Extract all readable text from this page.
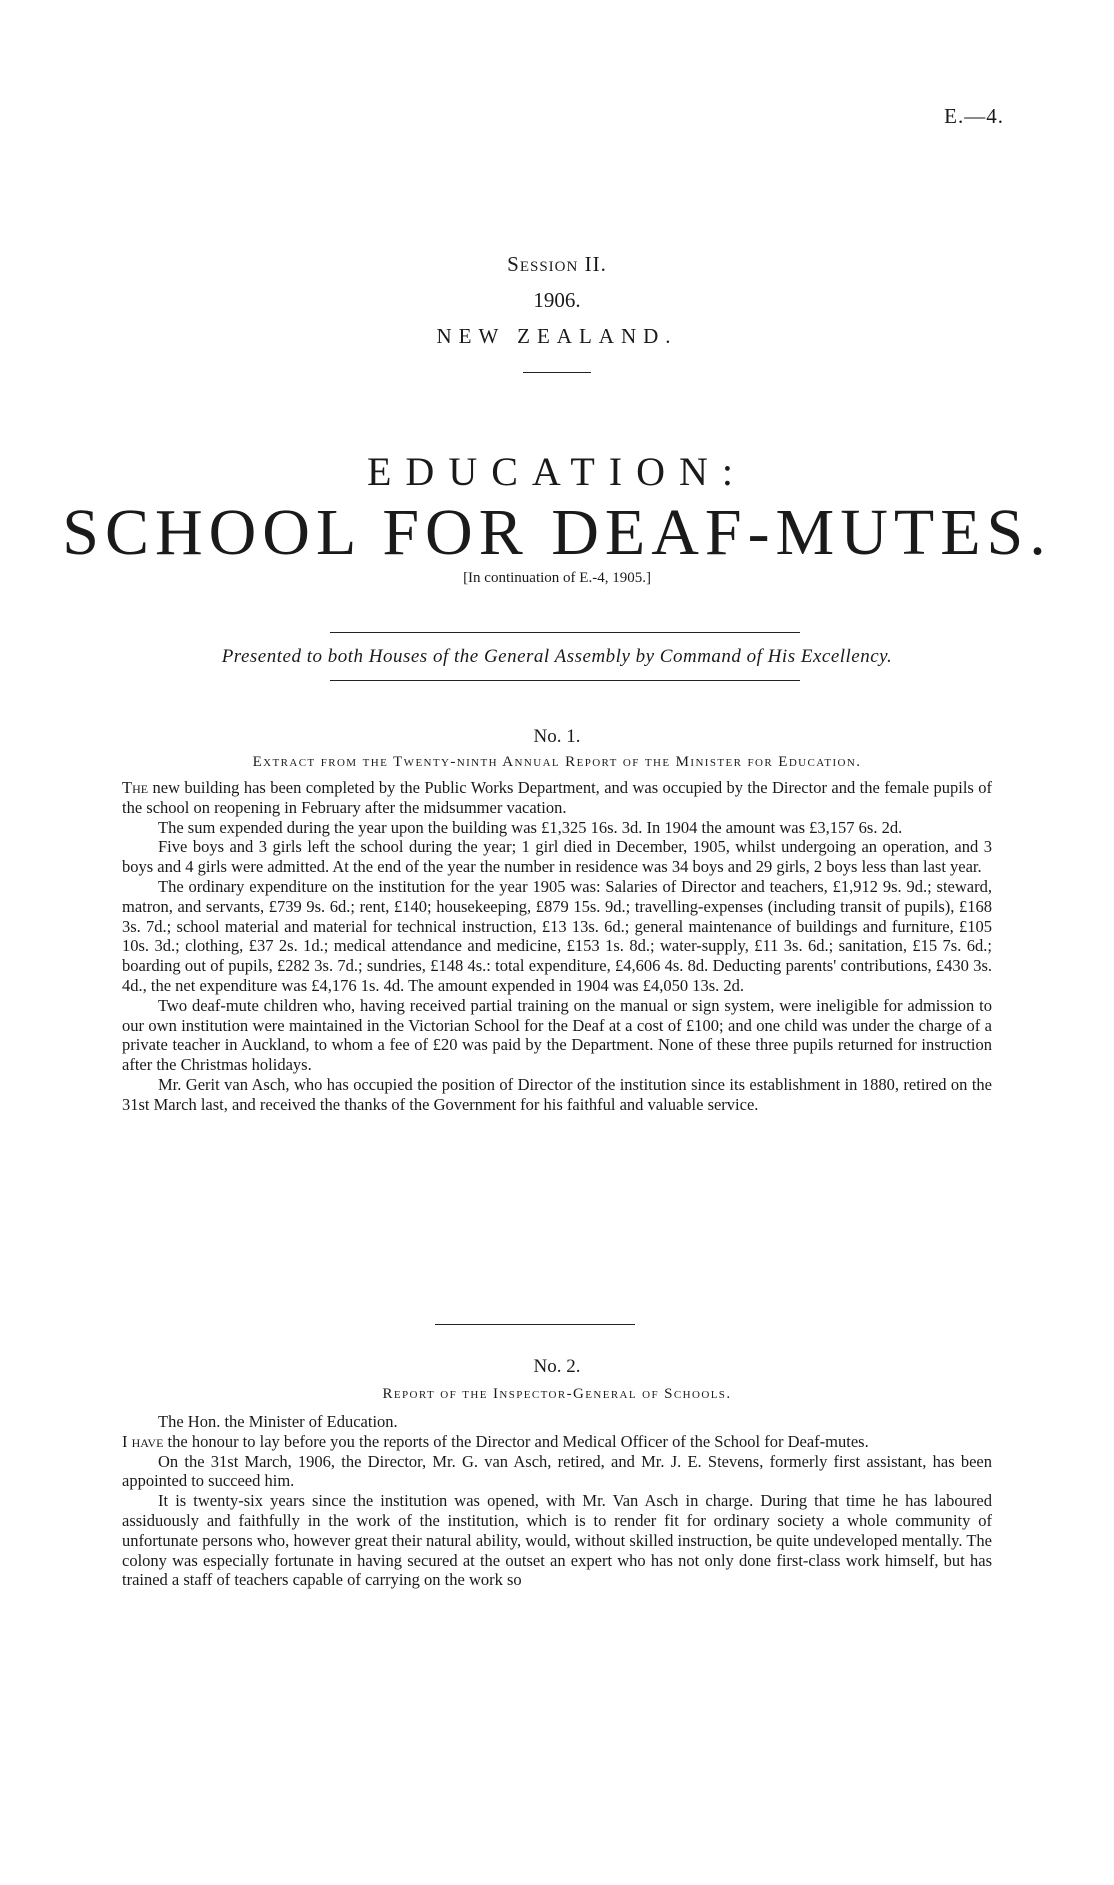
E.—4.
Session II.
1906.
NEW ZEALAND.
EDUCATION:
SCHOOL FOR DEAF-MUTES.
[In continuation of E.-4, 1905.]
Presented to both Houses of the General Assembly by Command of His Excellency.
No. 1.
Extract from the Twenty-ninth Annual Report of the Minister for Education.

The new building has been completed by the Public Works Department, and was occupied by the Director and the female pupils of the school on reopening in February after the midsummer vacation.

The sum expended during the year upon the building was £1,325 16s. 3d. In 1904 the amount was £3,157 6s. 2d.

Five boys and 3 girls left the school during the year; 1 girl died in December, 1905, whilst undergoing an operation, and 3 boys and 4 girls were admitted. At the end of the year the number in residence was 34 boys and 29 girls, 2 boys less than last year.

The ordinary expenditure on the institution for the year 1905 was: Salaries of Director and teachers, £1,912 9s. 9d.; steward, matron, and servants, £739 9s. 6d.; rent, £140; housekeeping, £879 15s. 9d.; travelling-expenses (including transit of pupils), £168 3s. 7d.; school material and material for technical instruction, £13 13s. 6d.; general maintenance of buildings and furniture, £105 10s. 3d.; clothing, £37 2s. 1d.; medical attendance and medicine, £153 1s. 8d.; water-supply, £11 3s. 6d.; sanitation, £15 7s. 6d.; boarding out of pupils, £282 3s. 7d.; sundries, £148 4s.: total expenditure, £4,606 4s. 8d. Deducting parents' contributions, £430 3s. 4d., the net expenditure was £4,176 1s. 4d. The amount expended in 1904 was £4,050 13s. 2d.

Two deaf-mute children who, having received partial training on the manual or sign system, were ineligible for admission to our own institution were maintained in the Victorian School for the Deaf at a cost of £100; and one child was under the charge of a private teacher in Auckland, to whom a fee of £20 was paid by the Department. None of these three pupils returned for instruction after the Christmas holidays.

Mr. Gerit van Asch, who has occupied the position of Director of the institution since its establishment in 1880, retired on the 31st March last, and received the thanks of the Government for his faithful and valuable service.

No. 2.
Report of the Inspector-General of Schools.

The Hon. the Minister of Education.

I have the honour to lay before you the reports of the Director and Medical Officer of the School for Deaf-mutes.

On the 31st March, 1906, the Director, Mr. G. van Asch, retired, and Mr. J. E. Stevens, formerly first assistant, has been appointed to succeed him.

It is twenty-six years since the institution was opened, with Mr. Van Asch in charge. During that time he has laboured assiduously and faithfully in the work of the institution, which is to render fit for ordinary society a whole community of unfortunate persons who, however great their natural ability, would, without skilled instruction, be quite undeveloped mentally. The colony was especially fortunate in having secured at the outset an expert who has not only done first-class work himself, but has trained a staff of teachers capable of carrying on the work so
